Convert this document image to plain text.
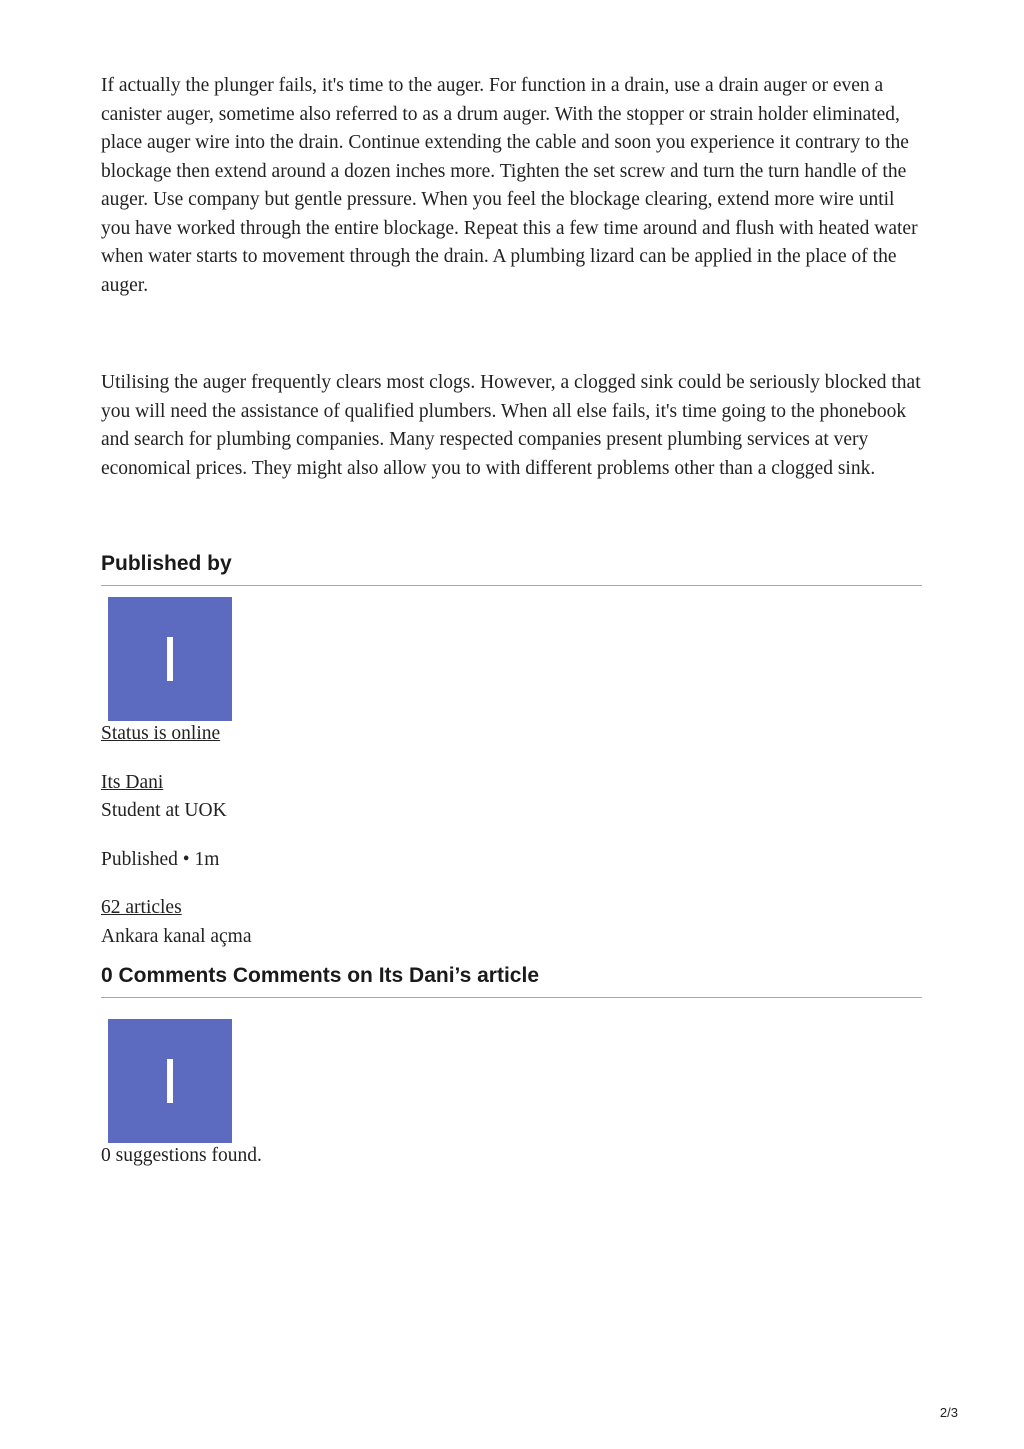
If actually the plunger fails, it's time to the auger. For function in a drain, use a drain auger or even a canister auger, sometime also referred to as a drum auger. With the stopper or strain holder eliminated, place auger wire into the drain. Continue extending the cable and soon you experience it contrary to the blockage then extend around a dozen inches more. Tighten the set screw and turn the turn handle of the auger. Use company but gentle pressure. When you feel the blockage clearing, extend more wire until you have worked through the entire blockage. Repeat this a few time around and flush with heated water when water starts to movement through the drain. A plumbing lizard can be applied in the place of the auger.

Utilising the auger frequently clears most clogs. However, a clogged sink could be seriously blocked that you will need the assistance of qualified plumbers. When all else fails, it's time going to the phonebook and search for plumbing companies. Many respected companies present plumbing services at very economical prices. They might also allow you to with different problems other than a clogged sink.

Published by
I
Status is online
Its Dani
Student at UOK
Published • 1m
62 articles
Ankara kanal açma
0 Comments Comments on Its Dani’s article
I
0 suggestions found.
2/3
